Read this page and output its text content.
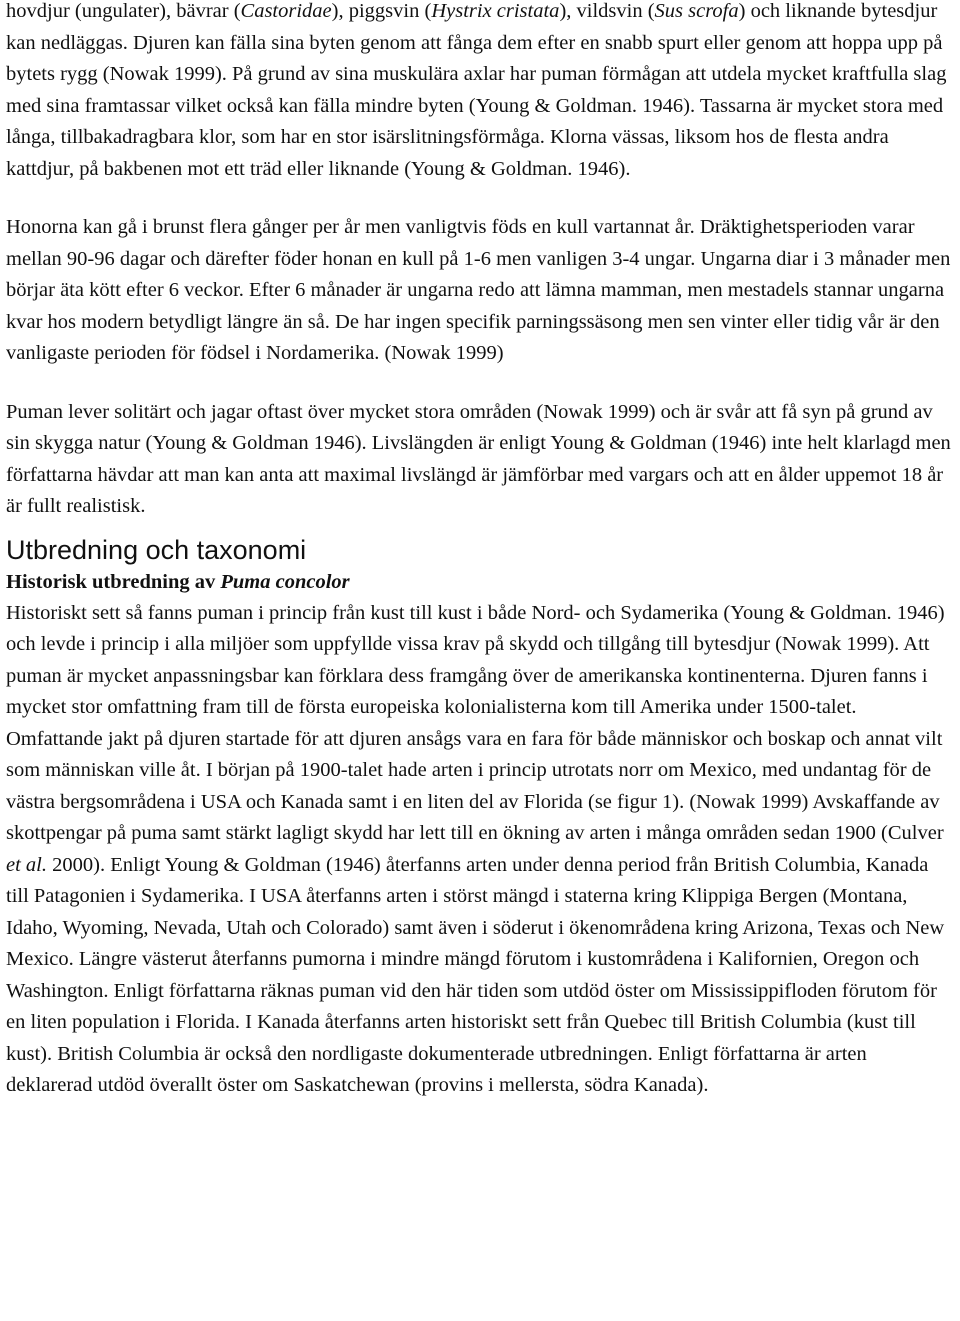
hovdjur (ungulater), bävrar (Castoridae), piggsvin (Hystrix cristata), vildsvin (Sus scrofa) och liknande bytesdjur kan nedläggas. Djuren kan fälla sina byten genom att fånga dem efter en snabb spurt eller genom att hoppa upp på bytets rygg (Nowak 1999). På grund av sina muskulära axlar har puman förmågan att utdela mycket kraftfulla slag med sina framtassar vilket också kan fälla mindre byten (Young & Goldman. 1946). Tassarna är mycket stora med långa, tillbakadragbara klor, som har en stor isärslitningsförmåga. Klorna vässas, liksom hos de flesta andra kattdjur, på bakbenen mot ett träd eller liknande (Young & Goldman. 1946).

Honorna kan gå i brunst flera gånger per år men vanligtvis föds en kull vartannat år. Dräktighetsperioden varar mellan 90-96 dagar och därefter föder honan en kull på 1-6 men vanligen 3-4 ungar. Ungarna diar i 3 månader men börjar äta kött efter 6 veckor. Efter 6 månader är ungarna redo att lämna mamman, men mestadels stannar ungarna kvar hos modern betydligt längre än så. De har ingen specifik parningssäsong men sen vinter eller tidig vår är den vanligaste perioden för födsel i Nordamerika. (Nowak 1999)

Puman lever solitärt och jagar oftast över mycket stora områden (Nowak 1999) och är svår att få syn på grund av sin skygga natur (Young & Goldman 1946). Livslängden är enligt Young & Goldman (1946) inte helt klarlagd men författarna hävdar att man kan anta att maximal livslängd är jämförbar med vargars och att en ålder uppemot 18 år är fullt realistisk.

Utbredning och taxonomi
Historisk utbredning av Puma concolor

Historiskt sett så fanns puman i princip från kust till kust i både Nord- och Sydamerika (Young & Goldman. 1946) och levde i princip i alla miljöer som uppfyllde vissa krav på skydd och tillgång till bytesdjur (Nowak 1999). Att puman är mycket anpassningsbar kan förklara dess framgång över de amerikanska kontinenterna. Djuren fanns i mycket stor omfattning fram till de första europeiska kolonialisterna kom till Amerika under 1500-talet. Omfattande jakt på djuren startade för att djuren ansågs vara en fara för både människor och boskap och annat vilt som människan ville åt. I början på 1900-talet hade arten i princip utrotats norr om Mexico, med undantag för de västra bergsområdena i USA och Kanada samt i en liten del av Florida (se figur 1). (Nowak 1999) Avskaffande av skottpengar på puma samt stärkt lagligt skydd har lett till en ökning av arten i många områden sedan 1900 (Culver et al. 2000). Enligt Young & Goldman (1946) återfanns arten under denna period från British Columbia, Kanada till Patagonien i Sydamerika. I USA återfanns arten i störst mängd i staterna kring Klippiga Bergen (Montana, Idaho, Wyoming, Nevada, Utah och Colorado) samt även i söderut i ökenområdena kring Arizona, Texas och New Mexico. Längre västerut återfanns pumorna i mindre mängd förutom i kustområdena i Kalifornien, Oregon och Washington. Enligt författarna räknas puman vid den här tiden som utdöd öster om Mississippifloden förutom för en liten population i Florida. I Kanada återfanns arten historiskt sett från Quebec till British Columbia (kust till kust). British Columbia är också den nordligaste dokumenterade utbredningen. Enligt författarna är arten deklarerad utdöd överallt öster om Saskatchewan (provins i mellersta, södra Kanada).
